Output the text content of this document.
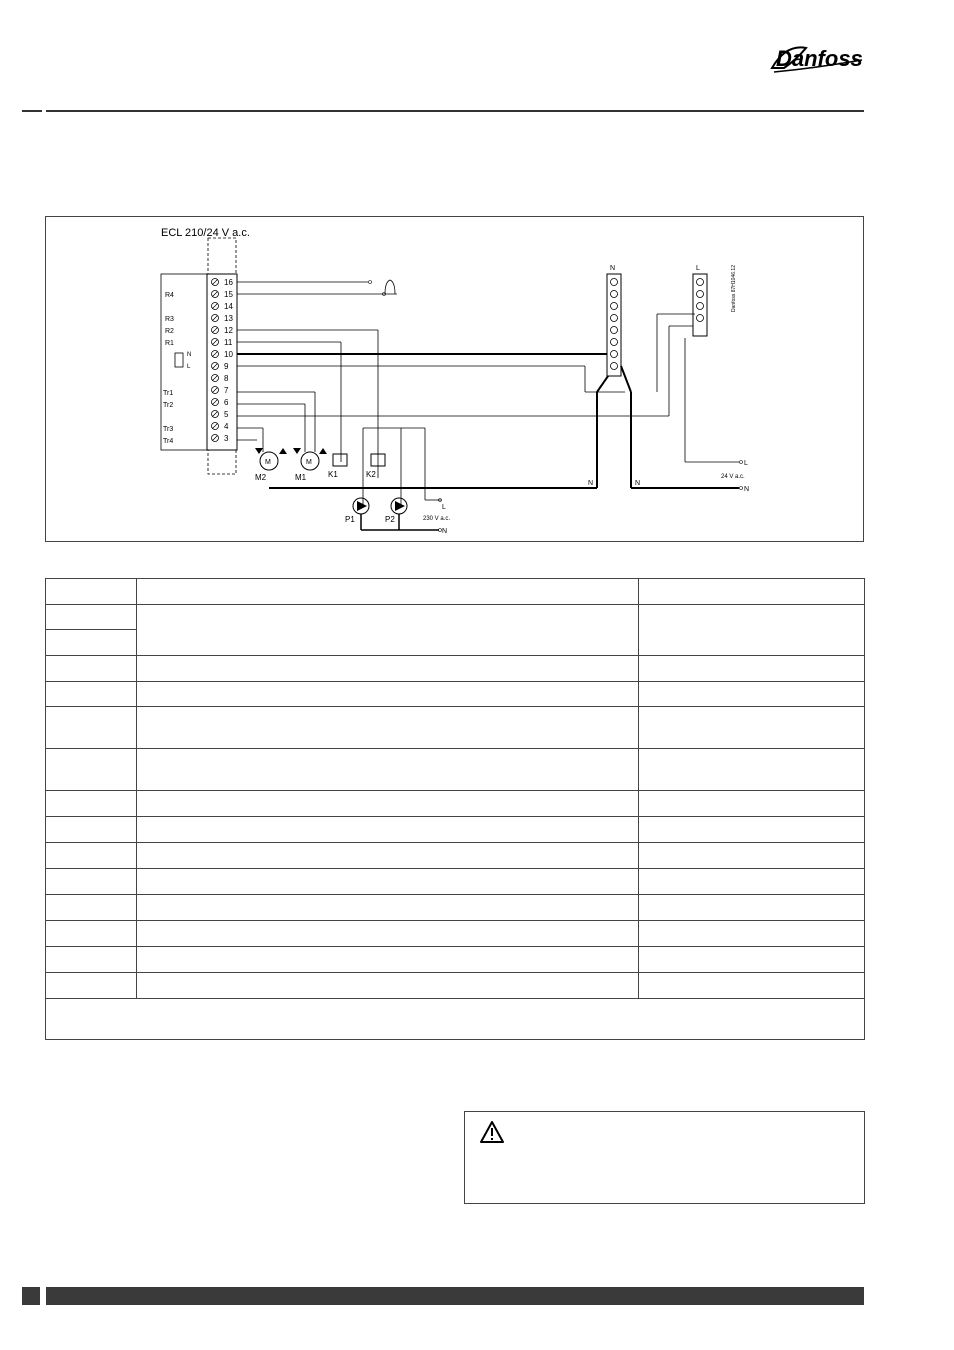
Danfoss
ECL 210/24 V a.c.
16
15
14
13
12
11
10
9
8
7
6
5
4
3
R4
R3
R2
R1
N
L
Tr1
Tr2
Tr3
Tr4
M	M
M2	M1	K1	K2
N
P1	P2
L
N
230 V a.c.
N	L	Danfoss 87H1046.12
N
L
N
24 V a.c.
